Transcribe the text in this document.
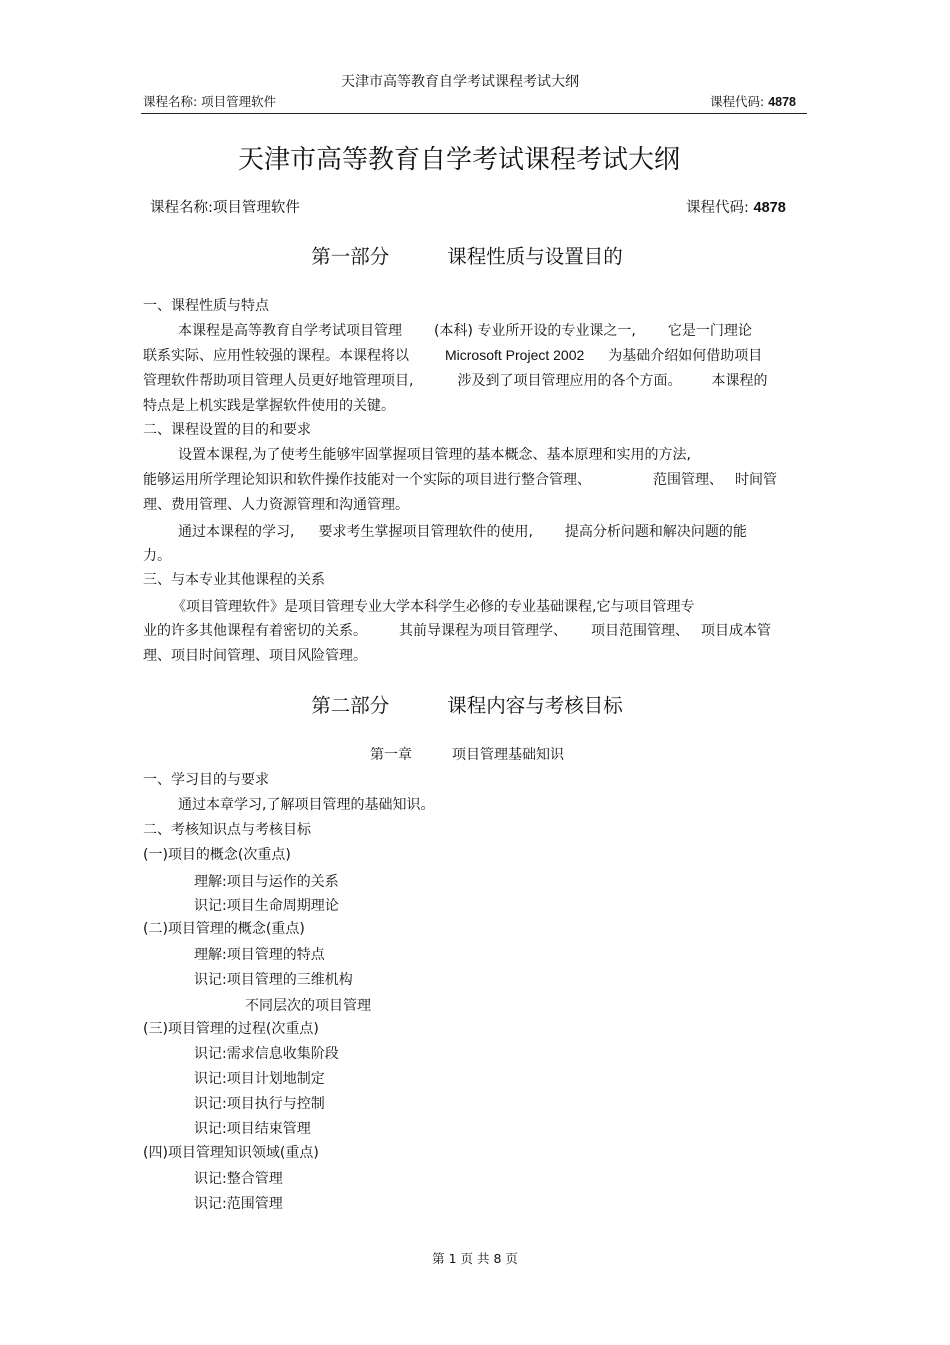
天津市高等教育自学考试课程考试大纲
课程名称: 项目管理软件	课程代码: 4878
天津市高等教育自学考试课程考试大纲
课程名称:项目管理软件	课程代码: 4878
第一部分	课程性质与设置目的
一、课程性质与特点
本课程是高等教育自学考试项目管理 (本科) 专业所开设的专业课之一, 它是一门理论
联系实际、应用性较强的课程。本课程将以	Microsoft Project 2002 为基础介绍如何借助项目
管理软件帮助项目管理人员更好地管理项目,	涉及到了项目管理应用的各个方面。 本课程的
特点是上机实践是掌握软件使用的关键。
二、课程设置的目的和要求
设置本课程,为了使考生能够牢固掌握项目管理的基本概念、基本原理和实用的方法,
能够运用所学理论知识和软件操作技能对一个实际的项目进行整合管理、	范围管理、 时间管
理、费用管理、人力资源管理和沟通管理。
通过本课程的学习, 要求考生掌握项目管理软件的使用, 提高分析问题和解决问题的能
力。
三、与本专业其他课程的关系
《项目管理软件》是项目管理专业大学本科学生必修的专业基础课程,它与项目管理专
业的许多其他课程有着密切的关系。 其前导课程为项目管理学、 项目范围管理、 项目成本管
理、项目时间管理、项目风险管理。
第二部分	课程内容与考核目标
第一章	项目管理基础知识
一、学习目的与要求
通过本章学习,了解项目管理的基础知识。
二、考核知识点与考核目标
(一)项目的概念(次重点)
理解:项目与运作的关系
识记:项目生命周期理论
(二)项目管理的概念(重点)
理解:项目管理的特点
识记:项目管理的三维机构
不同层次的项目管理
(三)项目管理的过程(次重点)
识记:需求信息收集阶段
识记:项目计划地制定
识记:项目执行与控制
识记:项目结束管理
(四)项目管理知识领域(重点)
识记:整合管理
识记:范围管理
第 1 页 共 8 页
